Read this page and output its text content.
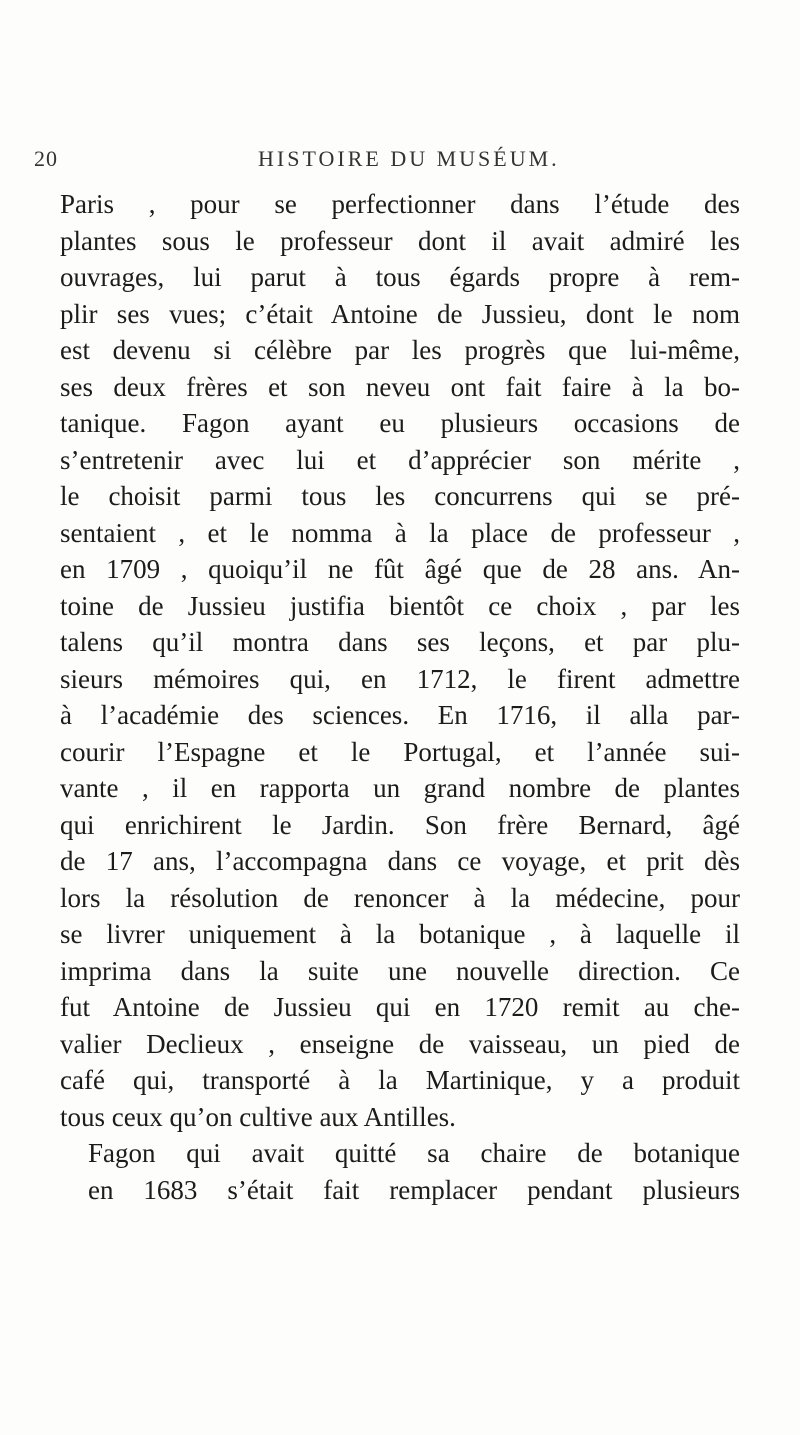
20	HISTOIRE DU MUSÉUM.
Paris , pour se perfectionner dans l’étude des
plantes sous le professeur dont il avait admiré les
ouvrages, lui parut à tous égards propre à rem-
plir ses vues; c’était Antoine de Jussieu, dont le nom
est devenu si célèbre par les progrès que lui-même,
ses deux frères et son neveu ont fait faire à la bo-
tanique. Fagon ayant eu plusieurs occasions de
s’entretenir avec lui et d’apprécier son mérite ,
le choisit parmi tous les concurrens qui se pré-
sentaient , et le nomma à la place de professeur ,
en 1709 , quoiqu’il ne fût âgé que de 28 ans. An-
toine de Jussieu justifia bientôt ce choix , par les
talens qu’il montra dans ses leçons, et par plu-
sieurs mémoires qui, en 1712, le firent admettre
à l’académie des sciences. En 1716, il alla par-
courir l’Espagne et le Portugal, et l’année sui-
vante , il en rapporta un grand nombre de plantes
qui enrichirent le Jardin. Son frère Bernard, âgé
de 17 ans, l’accompagna dans ce voyage, et prit dès
lors la résolution de renoncer à la médecine, pour
se livrer uniquement à la botanique , à laquelle il
imprima dans la suite une nouvelle direction. Ce
fut Antoine de Jussieu qui en 1720 remit au che-
valier Declieux , enseigne de vaisseau, un pied de
café qui, transporté à la Martinique, y a produit
tous ceux qu’on cultive aux Antilles.
Fagon qui avait quitté sa chaire de botanique
en 1683 s’était fait remplacer pendant plusieurs
